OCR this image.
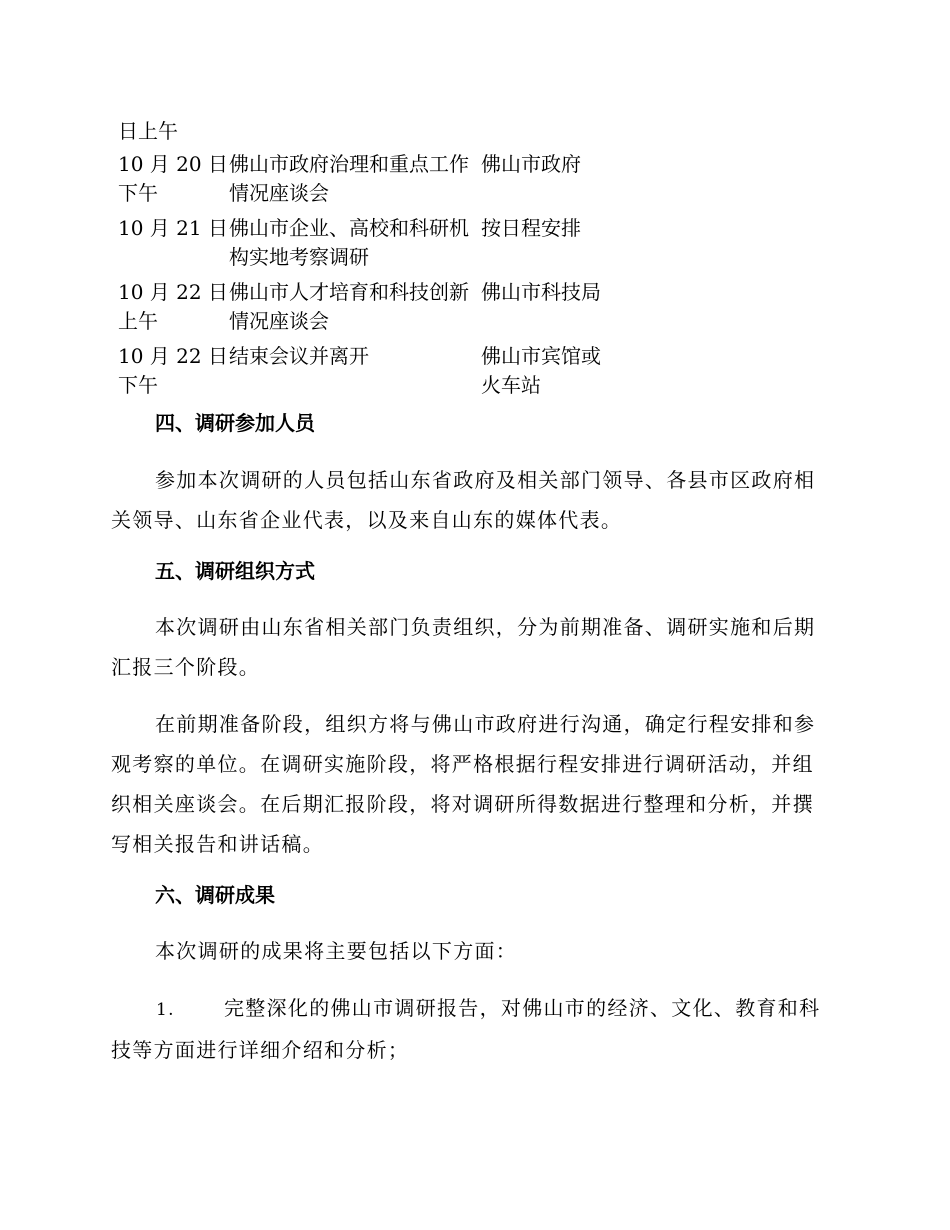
日上午
10 月 20 日下午
佛山市政府治理和重点工作情况座谈会
佛山市政府
10 月 21 日 佛山市企业、高校和科研机构实地考察调研
按日程安排
10 月 22 日上午
佛山市人才培育和科技创新情况座谈会
佛山市科技局
10 月 22 日下午
结束会议并离开	佛山市宾馆或火车站

四、调研参加人员

参加本次调研的人员包括山东省政府及相关部门领导、各县市区政府相关领导、山东省企业代表，以及来自山东的媒体代表。

五、调研组织方式

本次调研由山东省相关部门负责组织，分为前期准备、调研实施和后期汇报三个阶段。

在前期准备阶段，组织方将与佛山市政府进行沟通，确定行程安排和参观考察的单位。在调研实施阶段，将严格根据行程安排进行调研活动，并组织相关座谈会。在后期汇报阶段，将对调研所得数据进行整理和分析，并撰写相关报告和讲话稿。

六、调研成果

本次调研的成果将主要包括以下方面：

1. 完整深化的佛山市调研报告，对佛山市的经济、文化、教育和科技等方面进行详细介绍和分析；
